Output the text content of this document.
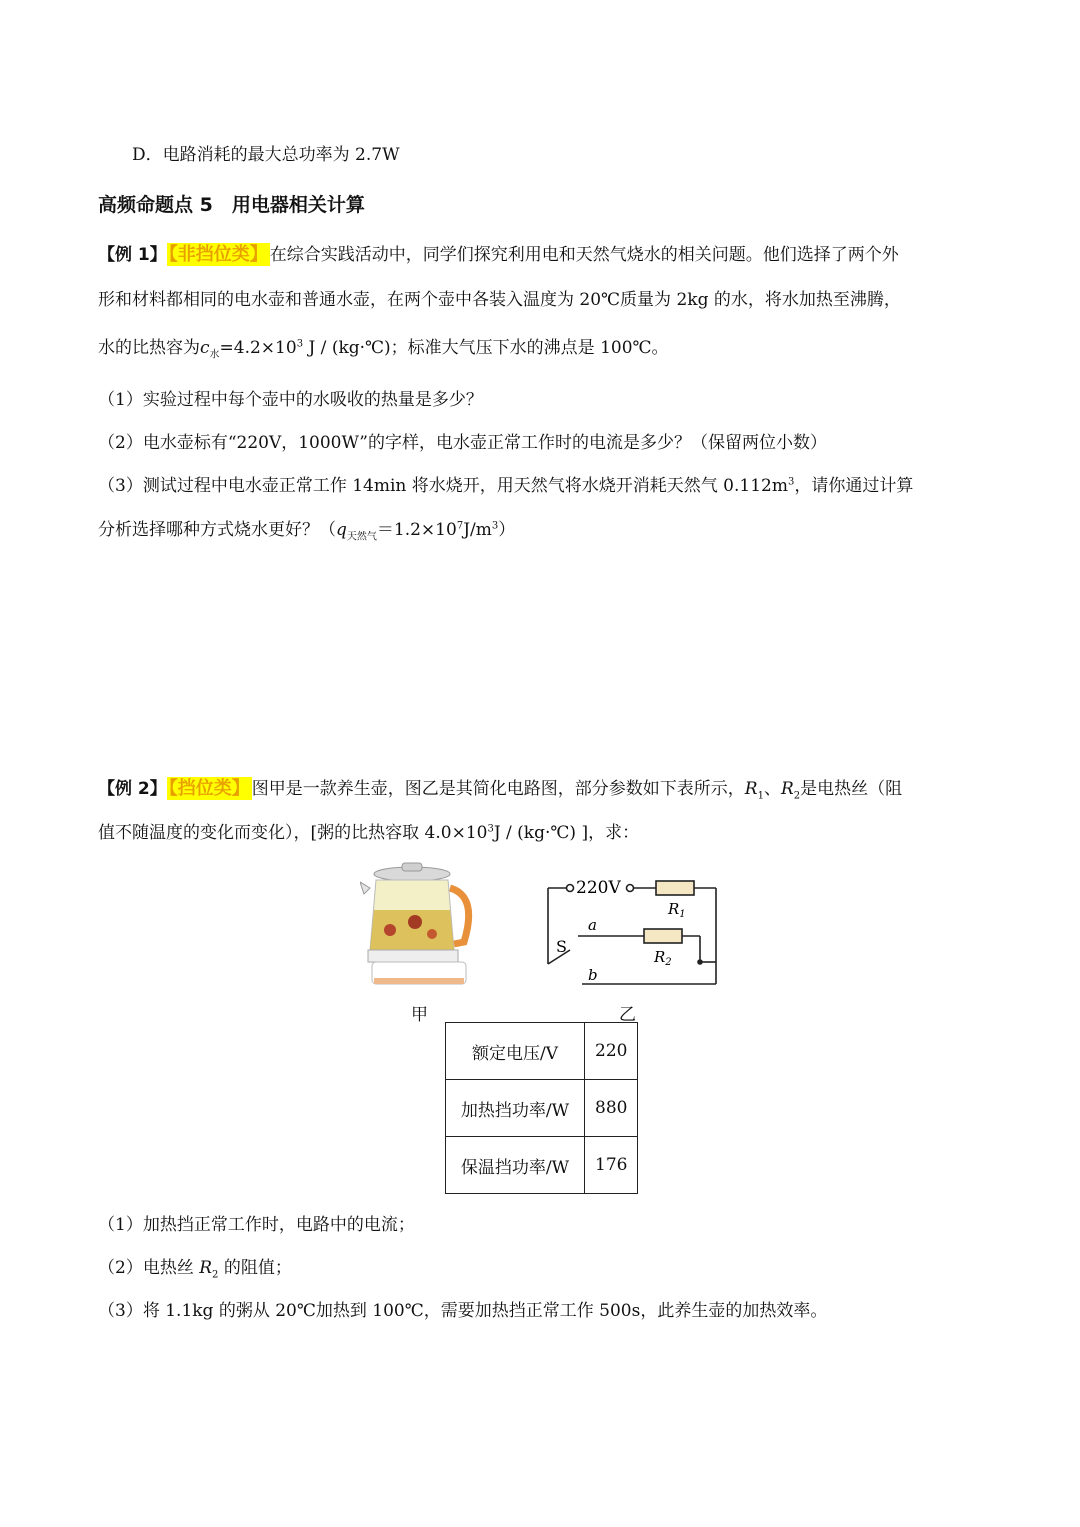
D．电路消耗的最大总功率为 2.7W
高频命题点 5　用电器相关计算
【例 1】 【非挡位类】 在综合实践活动中，同学们探究利用电和天然气烧水的相关问题。他们选择了两个外
形和材料都相同的电水壶和普通水壶，在两个壶中各装入温度为 20℃质量为 2kg 的水，将水加热至沸腾，
水的比热容为$c_水=4.2\times 10^3$ J / (kg·℃)；标准大气压下水的沸点是 100℃。
（1）实验过程中每个壶中的水吸收的热量是多少？
（2）电水壶标有“220V，1000W”的字样，电水壶正常工作时的电流是多少？（保留两位小数）
（3）测试过程中电水壶正常工作 14min 将水烧开，用天然气将水烧开消耗天然气 $0.112m^3$，请你通过计算
分析选择哪种方式烧水更好？$(q_{天然气}=1.2\times 10^7J/m^3)$
【例 2】 【挡位类】 图甲是一款养生壶，图乙是其简化电路图，部分参数如下表所示，$R_1$、$R_2$是电热丝（阻
值不随温度的变化而变化），[粥的比热容取 $4.0\times 10^3J$ / (kg·℃) ]，求：
220V
$R_1$
$R_2$
S
a
b
甲	乙
额定电压/V	220
加热挡功率/W	880
保温挡功率/W	176
（1）加热挡正常工作时，电路中的电流；
（2）电热丝 $R_2$ 的阻值；
（3）将 1.1kg 的粥从 20℃加热到 100℃，需要加热挡正常工作 500s，此养生壶的加热效率。
